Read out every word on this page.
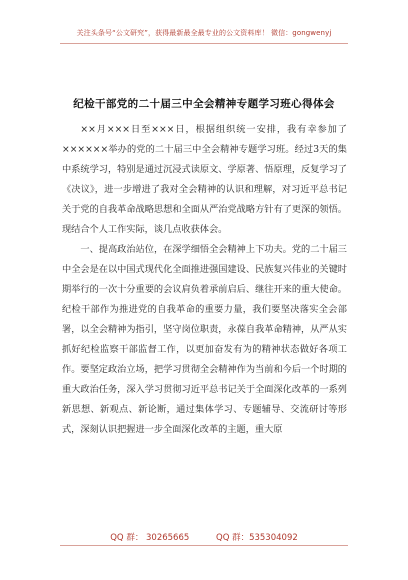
关注头条号“公文研究”，获得最新最全最专业的公文资料库！ 微信：gongwenyj
纪检干部党的二十届三中全会精神专题学习班心得体会

××月×××日至×××日，根据组织统一安排，我有幸参加了××××××举办的党的二十届三中全会精神专题学习班。经过3天的集中系统学习，特别是通过沉浸式读原文、学原著、悟原理，反复学习了《决议》，进一步增进了我对全会精神的认识和理解，对习近平总书记关于党的自我革命战略思想和全面从严治党战略方针有了更深的领悟。现结合个人工作实际，谈几点收获体会。

一、提高政治站位，在深学细悟全会精神上下功夫。党的二十届三中全会是在以中国式现代化全面推进强国建设、民族复兴伟业的关键时期举行的一次十分重要的会议肩负着承前启后、继往开来的重大使命。纪检干部作为推进党的自我革命的重要力量，我们要坚决落实全会部署，以全会精神为指引，坚守岗位职责，永葆自我革命精神，从严从实抓好纪检监察干部监督工作，以更加奋发有为的精神状态做好各项工作。要坚定政治立场，把学习贯彻全会精神作为当前和今后一个时期的重大政治任务，深入学习贯彻习近平总书记关于全面深化改革的一系列新思想、新观点、新论断，通过集体学习、专题辅导、交流研讨等形式，深刻认识把握进一步全面深化改革的主题，重大原

QQ 群： 30265665	QQ 群：535304092
